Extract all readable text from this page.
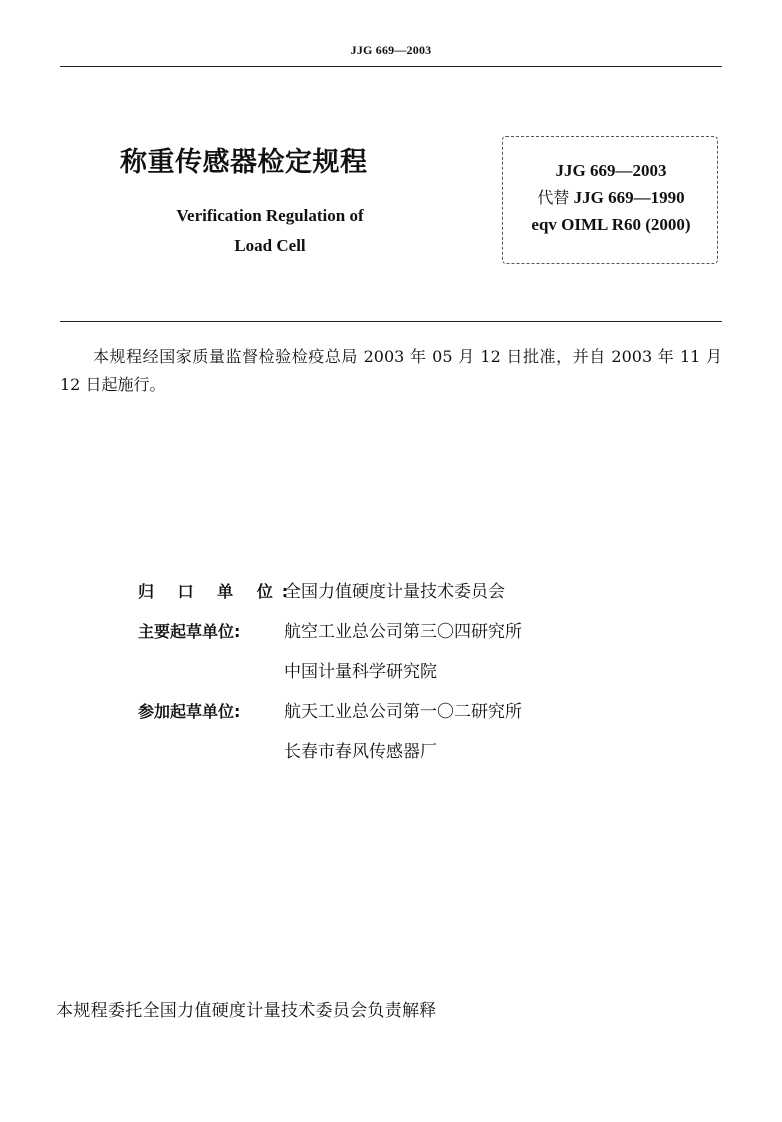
JJG 669—2003
称重传感器检定规程
Verification Regulation of
Load Cell
JJG 669—2003
代替 JJG 669—1990
eqv OIML R60 (2000)
本规程经国家质量监督检验检疫总局 2003 年 05 月 12 日批准，并自 2003 年 11 月 12 日起施行。
归 口 单 位:
全国力值硬度计量技术委员会
主要起草单位:	航空工业总公司第三〇四研究所
中国计量科学研究院
参加起草单位:	航天工业总公司第一〇二研究所
长春市春风传感器厂
本规程委托全国力值硬度计量技术委员会负责解释
